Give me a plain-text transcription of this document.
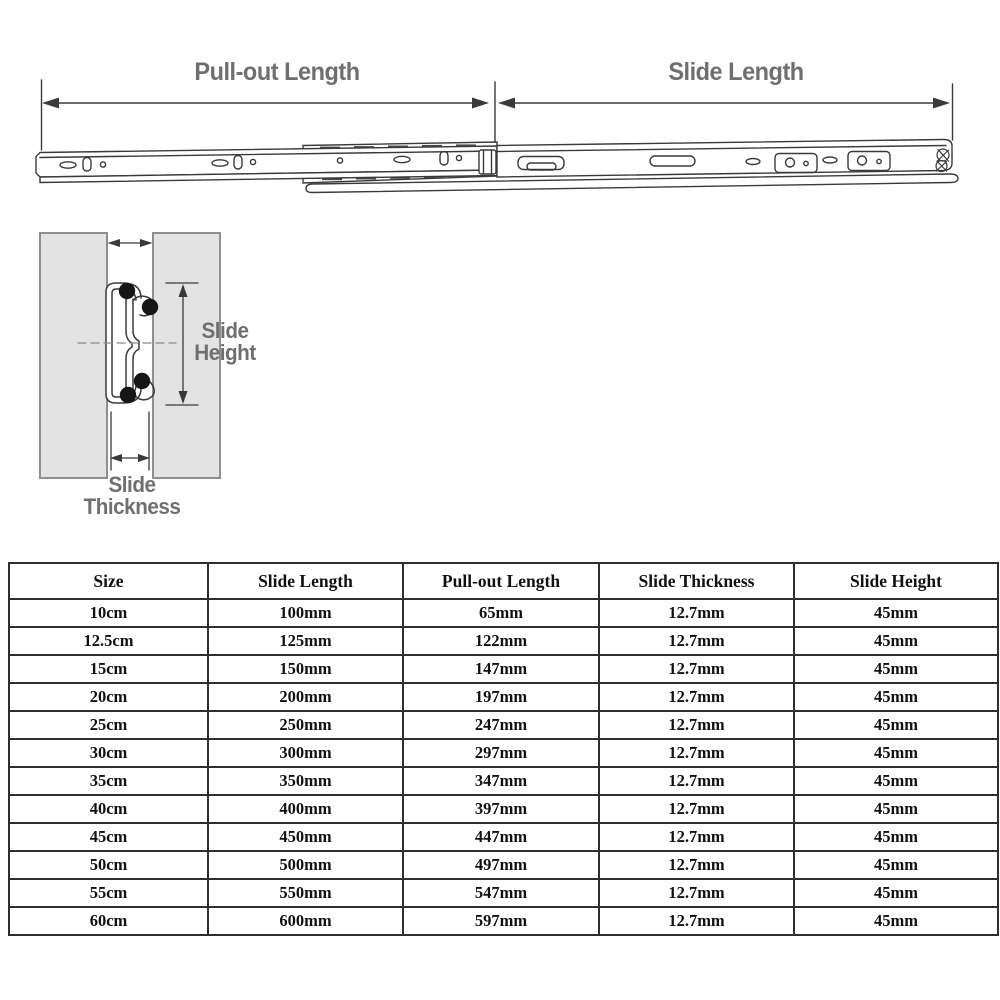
Pull-out Length	Slide Length
Slide
Height
Slide
Thickness
Size	Slide Length	Pull-out Length	Slide Thickness	Slide Height
10cm	100mm	65mm	12.7mm	45mm
12.5cm	125mm	122mm	12.7mm	45mm
15cm	150mm	147mm	12.7mm	45mm
20cm	200mm	197mm	12.7mm	45mm
25cm	250mm	247mm	12.7mm	45mm
30cm	300mm	297mm	12.7mm	45mm
35cm	350mm	347mm	12.7mm	45mm
40cm	400mm	397mm	12.7mm	45mm
45cm	450mm	447mm	12.7mm	45mm
50cm	500mm	497mm	12.7mm	45mm
55cm	550mm	547mm	12.7mm	45mm
60cm	600mm	597mm	12.7mm	45mm
